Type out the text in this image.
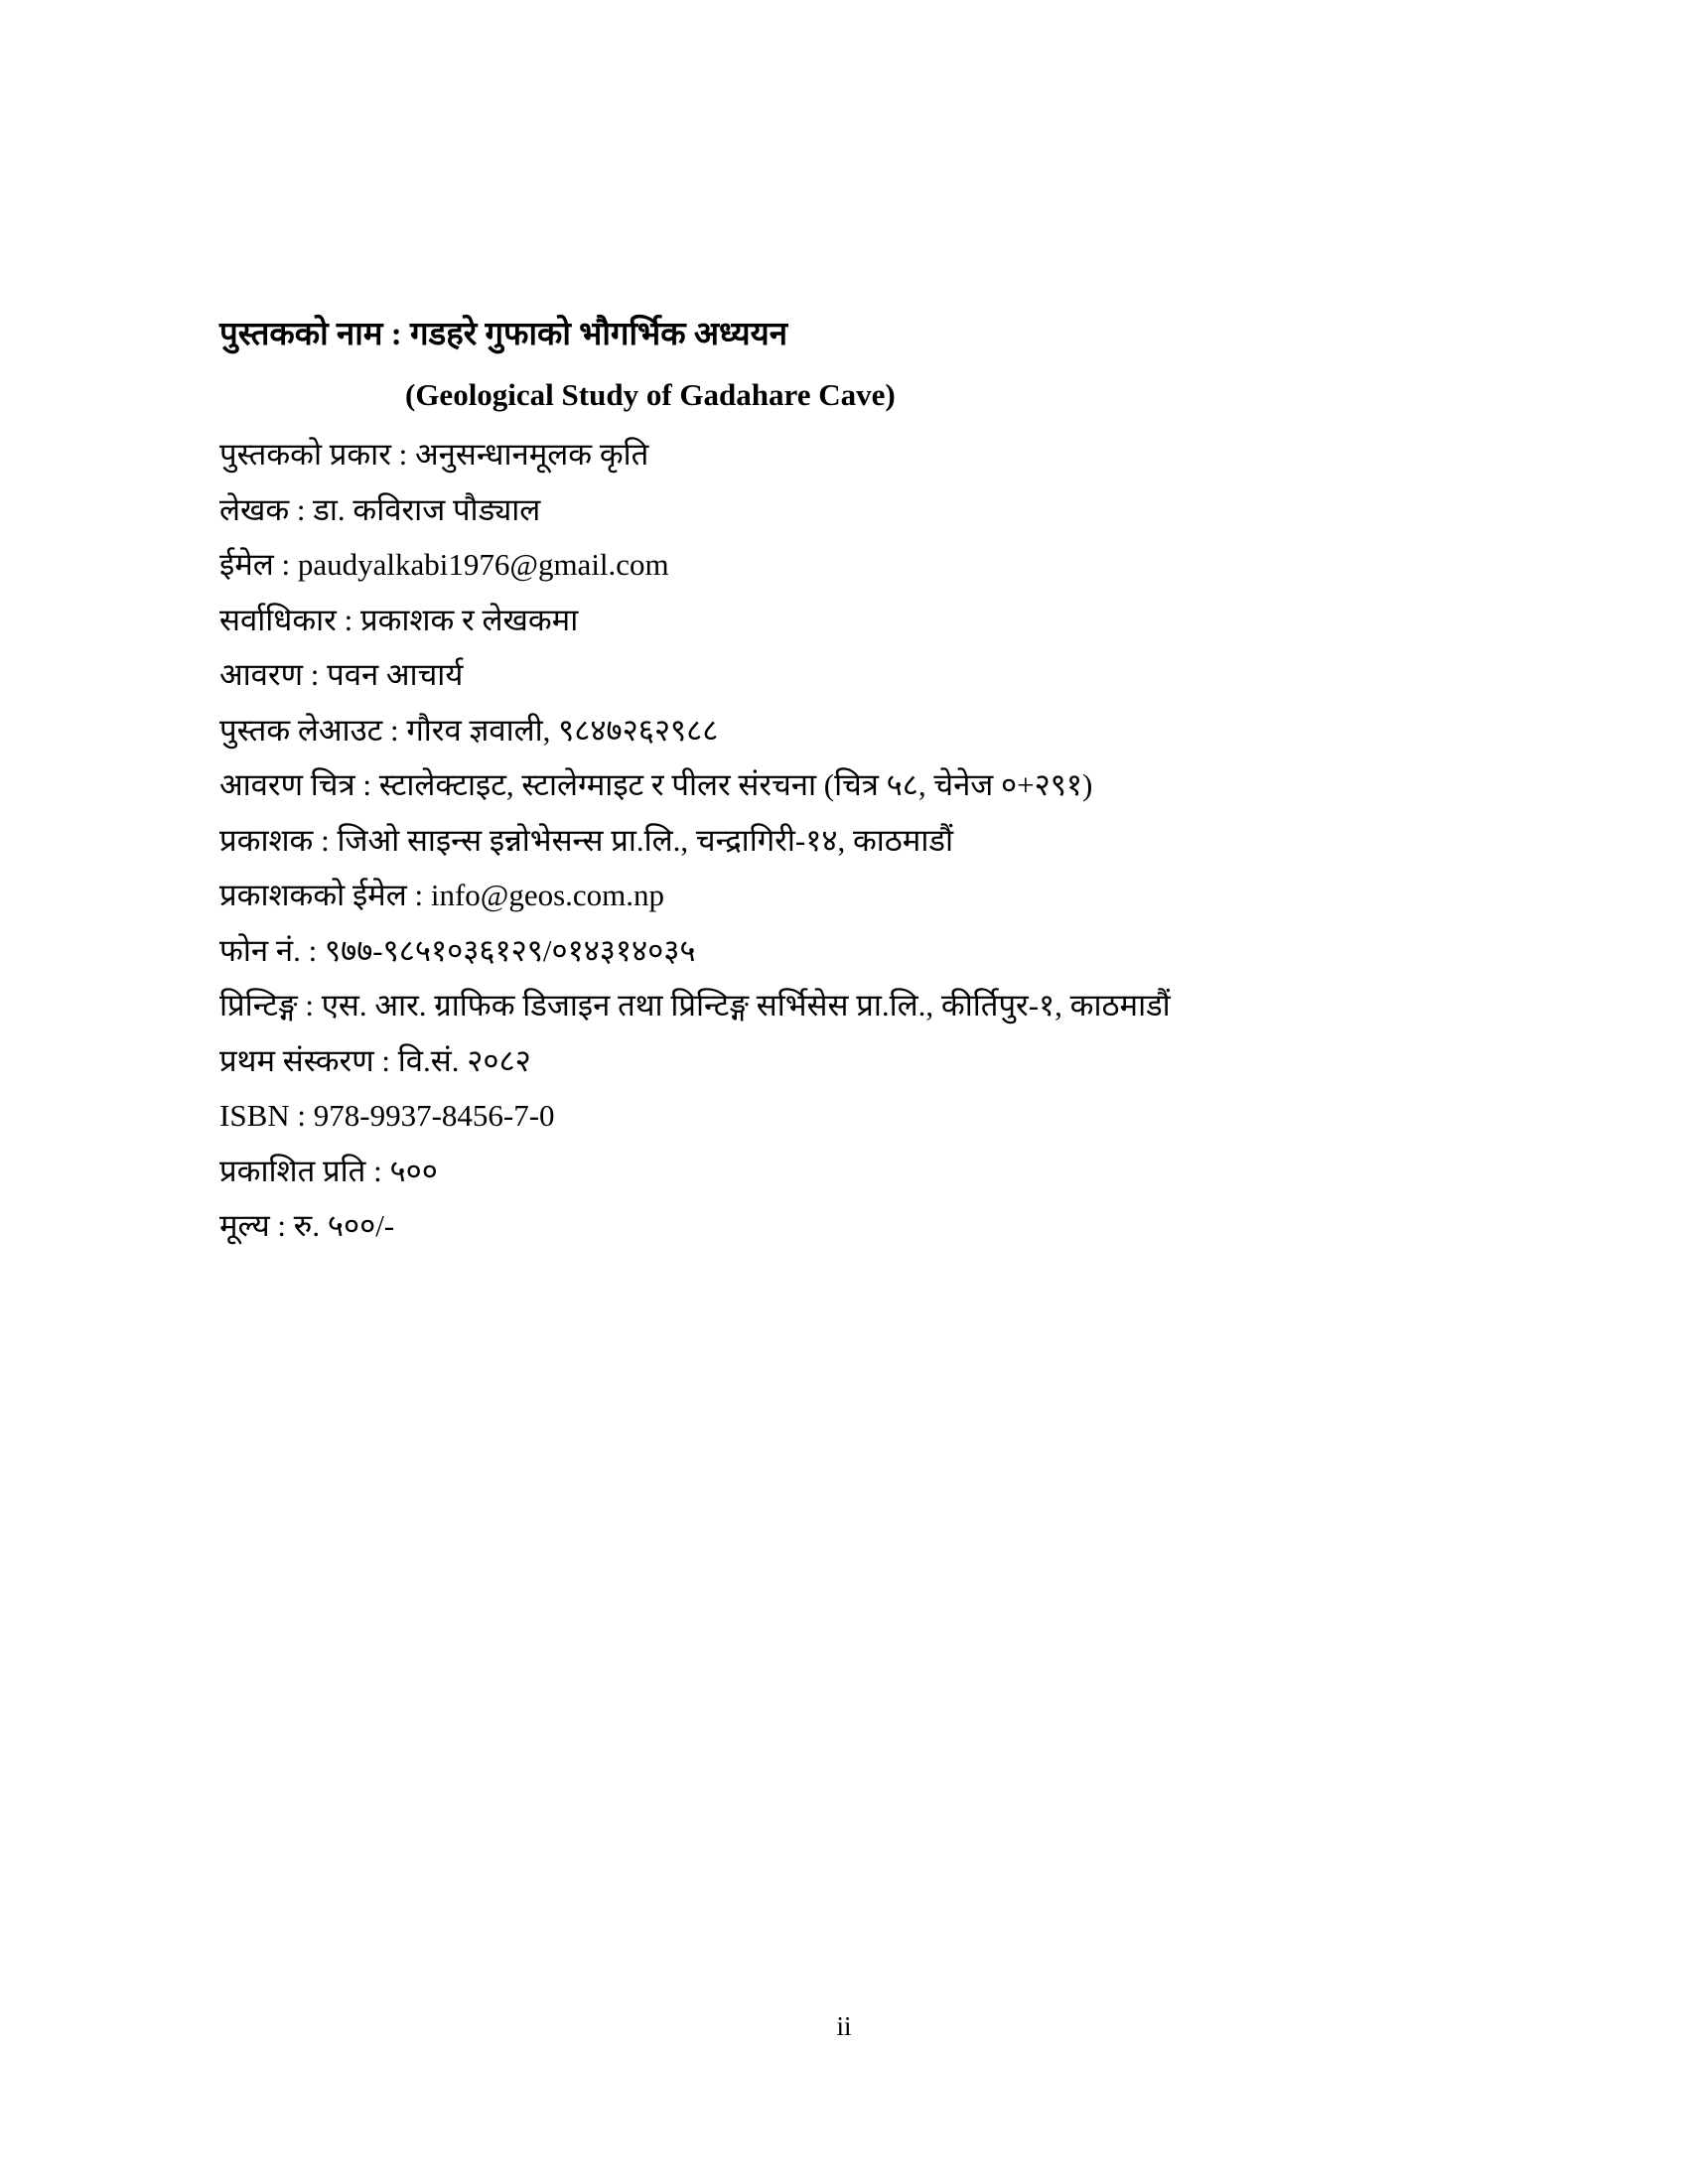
पुस्तकको नाम : गडहरे गुफाको भौगर्भिक अध्ययन
(Geological Study of Gadahare Cave)
पुस्तकको प्रकार : अनुसन्धानमूलक कृति
लेखक : डा. कविराज पौड्याल
ईमेल : paudyalkabi1976@gmail.com
सर्वाधिकार : प्रकाशक र लेखकमा
आवरण : पवन आचार्य
पुस्तक लेआउट : गौरव ज्ञवाली, ९८४७२६२९८८
आवरण चित्र : स्टालेक्टाइट, स्टालेग्माइट र पीलर संरचना (चित्र ५८, चेनेज ०+२९१)
प्रकाशक : जिओ साइन्स इन्नोभेसन्स प्रा.लि., चन्द्रागिरी-१४, काठमाडौं
प्रकाशकको ईमेल : info@geos.com.np
फोन नं. : ९७७-९८५१०३६१२९/०१४३१४०३५
प्रिन्टिङ्ग : एस. आर. ग्राफिक डिजाइन तथा प्रिन्टिङ्ग सर्भिसेस प्रा.लि., कीर्तिपुर-१, काठमाडौं
प्रथम संस्करण : वि.सं. २०८२
ISBN : 978-9937-8456-7-0
प्रकाशित प्रति : ५००
मूल्य : रु. ५००/-
ii
